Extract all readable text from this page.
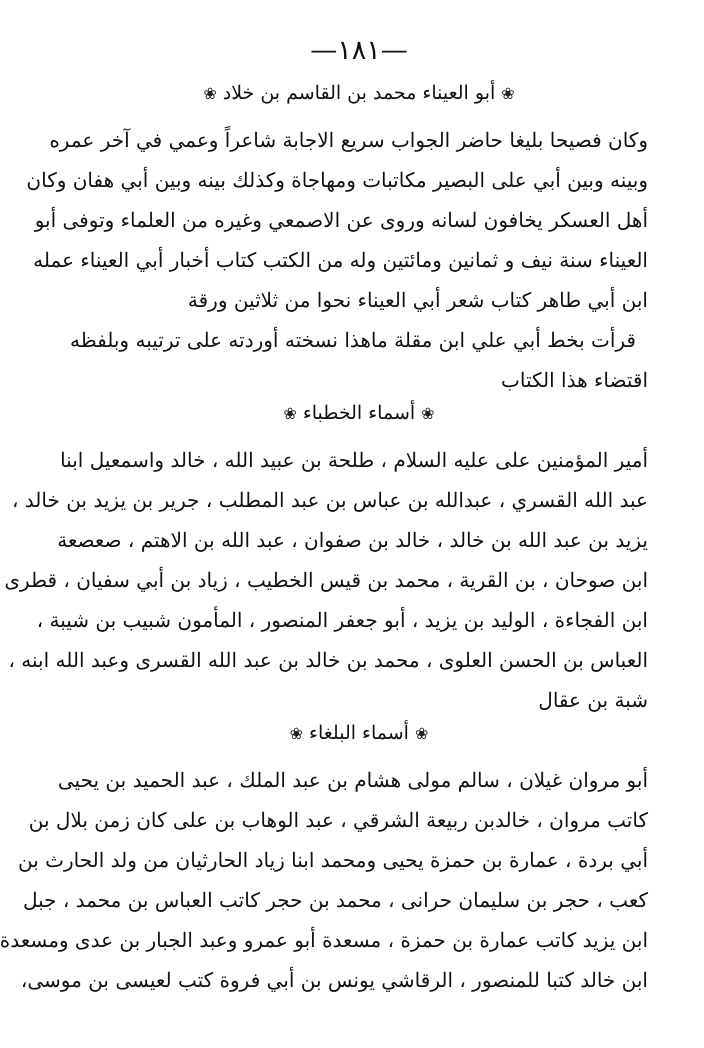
—١٨١—
❀أبو العيناء محمد بن القاسم بن خلاد❀
وكان فصيحا بليغا حاضر الجواب سريع الاجابة شاعراً وعمي في آخر عمره
وبينه وبين أبي على البصير مكاتبات ومهاجاة وكذلك بينه وبين أبي هفان وكان
أهل العسكر يخافون لسانه وروى عن الاصمعي وغيره من العلماء وتوفى أبو
العيناء سنة نيف و ثمانين ومائتين وله من الكتب كتاب أخبار أبي العيناء عمله
ابن أبي طاهر كتاب شعر أبي العيناء نحوا من ثلاثين ورقة
قرأت بخط أبي علي ابن مقلة ماهذا نسخته أوردته على ترتيبه وبلفظه
اقتضاء هذا الكتاب
❀أسماء الخطباء❀
أمير المؤمنين على عليه السلام ، طلحة بن عبيد الله ، خالد واسمعيل ابنا
عبد الله القسري ، عبدالله بن عباس بن عبد المطلب ، جرير بن يزيد بن خالد ،
يزيد بن عبد الله بن خالد ، خالد بن صفوان ، عبد الله بن الاهتم ، صعصعة
ابن صوحان ، بن القرية ، محمد بن قيس الخطيب ، زياد بن أبي سفيان ، قطرى
ابن الفجاءة ، الوليد بن يزيد ، أبو جعفر المنصور ، المأمون شبيب بن شيبة ،
العباس بن الحسن العلوى ، محمد بن خالد بن عبد الله القسرى وعبد الله ابنه ،
شبة بن عقال
❀أسماء البلغاء❀
أبو مروان غيلان ، سالم مولى هشام بن عبد الملك ، عبد الحميد بن يحيى
كاتب مروان ، خالدبن ربيعة الشرقي ، عبد الوهاب بن على كان زمن بلال بن
أبي بردة ، عمارة بن حمزة يحيى ومحمد ابنا زياد الحارثيان من ولد الحارث بن
كعب ، حجر بن سليمان حرانى ، محمد بن حجر كاتب العباس بن محمد ، جبل
ابن يزيد كاتب عمارة بن حمزة ، مسعدة أبو عمرو وعبد الجبار بن عدى ومسعدة
ابن خالد كتبا للمنصور ، الرقاشي يونس بن أبي فروة كتب لعيسى بن موسى،
